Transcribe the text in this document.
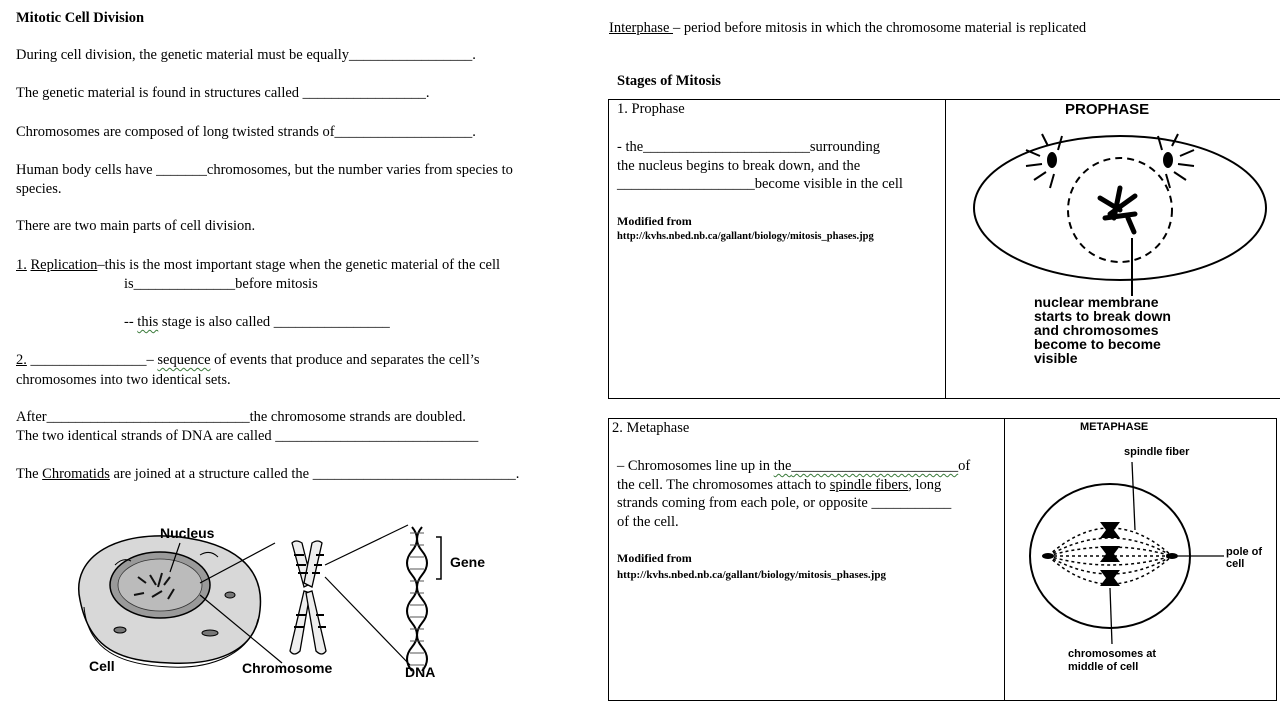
Mitotic Cell Division
During cell division, the genetic material must be equally_________________.
The genetic material is found in structures called _________________.
Chromosomes are composed of long twisted strands of___________________.
Human body cells have _______chromosomes, but the number varies from species to
species.
There are two main parts of cell division.
1. Replication–this is the most important stage when the genetic material of the cell
is______________before mitosis
-- this stage is also called ________________
2. ________________– sequence of events that produce and separates the cell’s
chromosomes into two identical sets.
After____________________________the chromosome strands are doubled.
The two identical strands of DNA are called ____________________________
The Chromatids are joined at a structure called the ____________________________.
Nucleus
Gene
Cell	Chromosome	DNA
Interphase – period before mitosis in which the chromosome material is replicated
Stages of Mitosis
1. Prophase
- the_______________________surrounding
the nucleus begins to break down, and the
___________________become visible in the cell
Modified from
http://kvhs.nbed.nb.ca/gallant/biology/mitosis_phases.jpg
PROPHASE
nuclear membrane
starts to break down
and chromosomes
become to become
visible
2. Metaphase
– Chromosomes line up in the_______________________of
the cell. The chromosomes attach to spindle fibers, long
strands coming from each pole, or opposite ___________
of the cell.
Modified from
http://kvhs.nbed.nb.ca/gallant/biology/mitosis_phases.jpg
METAPHASE
spindle fiber
pole of
cell
chromosomes at
middle of cell
